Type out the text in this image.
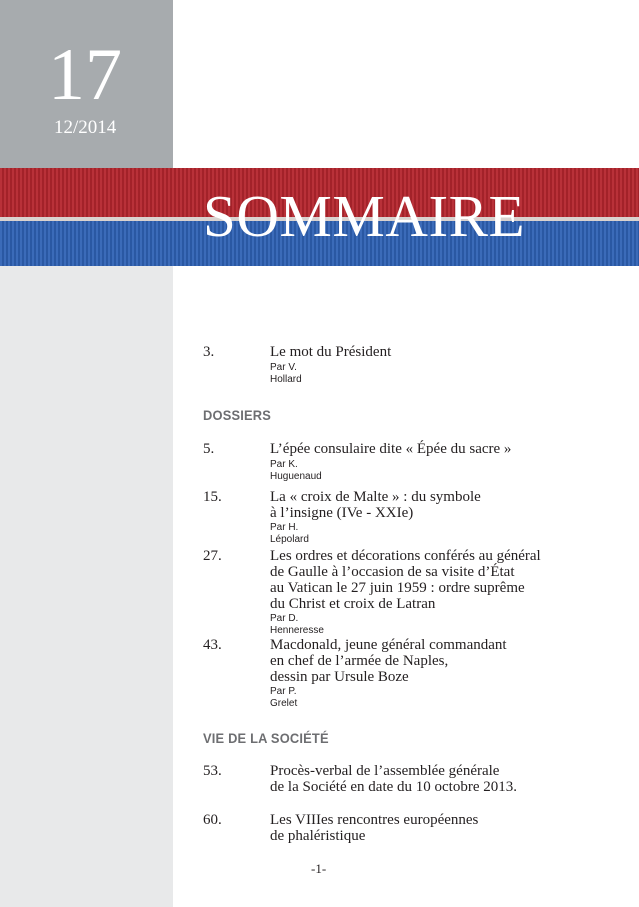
17
12/2014
SOMMAIRE
3.	Le mot du Président
Par V. Hollard
DOSSIERS
5.	L’épée consulaire dite « Épée du sacre »
Par K. Huguenaud
15.	La « croix de Malte » : du symbole
à l’insigne (IVe - XXIe)
Par H. Lépolard
27.	Les ordres et décorations conférés au général
de Gaulle à l’occasion de sa visite d’État
au Vatican le 27 juin 1959 : ordre suprême
du Christ et croix de Latran
Par D. Henneresse
43.	Macdonald, jeune général commandant
en chef de l’armée de Naples,
dessin par Ursule Boze
Par P. Grelet
VIE DE LA SOCIÉTÉ
53.	Procès-verbal de l’assemblée générale
de la Société en date du 10 octobre 2013.
60.	Les VIIIes rencontres européennes
de phaléristique
-1-
